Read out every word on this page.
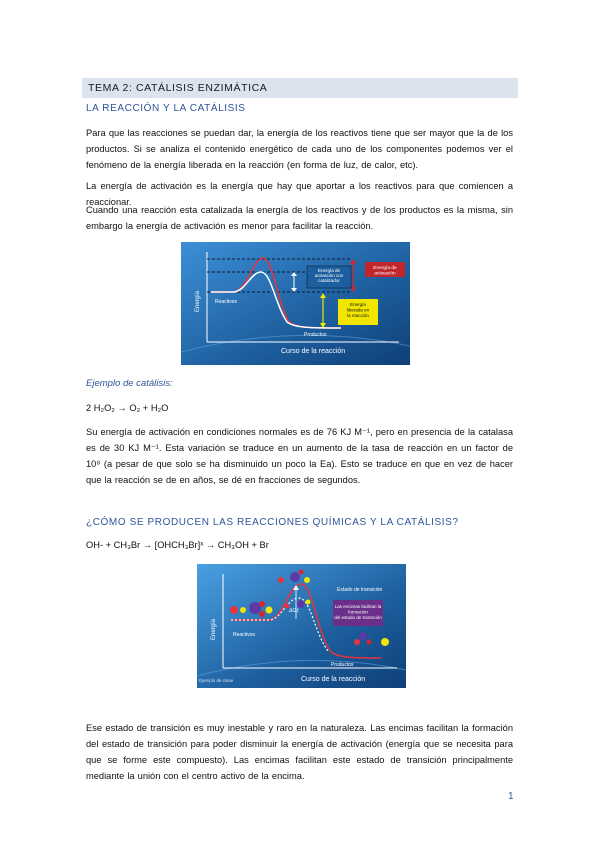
TEMA 2: CATÁLISIS ENZIMÁTICA
LA REACCIÓN Y LA CATÁLISIS
Para que las reacciones se puedan dar, la energía de los reactivos tiene que ser mayor que la de los productos. Si se analiza el contenido energético de cada uno de los componentes podemos ver el fenómeno de la energía liberada en la reacción (en forma de luz, de calor, etc).
La energía de activación es la energía que hay que aportar a los reactivos para que comiencen a reaccionar.
Cuando una reacción esta catalizada la energía de los reactivos y de los productos es la misma, sin embargo la energía de activación es menor para facilitar la reacción.
Energía de activación
Energía de activación con catalizador
Energía liberada en la reacción
Reactivos
Productos
Energía
Curso de la reacción
Ejemplo de catálisis:
2 H₂O₂ → O₂ + H₂O
Su energía de activación en condiciones normales es de 76 KJ M⁻¹, pero en presencia de la catalasa es de 30 KJ M⁻¹. Esta variación se traduce en un aumento de la tasa de reacción en un factor de 10⁸ (a pesar de que solo se ha disminuido un poco la Ea). Esto se traduce en que en vez de hacer que la reacción se de en años, se dé en fracciones de segundos.
¿CÓMO SE PRODUCEN LAS REACCIONES QUÍMICAS Y LA CATÁLISIS?
OH- + CH₃Br → [OHCH₃Br]ˣ → CH₃OH + Br
ΔG‡
Estado de transición
Las encimas facilitan la formación del estado de transición
Reactivos
Productos
Energía
Curso de la reacción
Ejemplo de clase
Ese estado de transición es muy inestable y raro en la naturaleza. Las encimas facilitan la formación del estado de transición para poder disminuir la energía de activación (energía que se necesita para que se forme este compuesto). Las encimas facilitan este estado de transición principalmente mediante la unión con el centro activo de la encima.
1
